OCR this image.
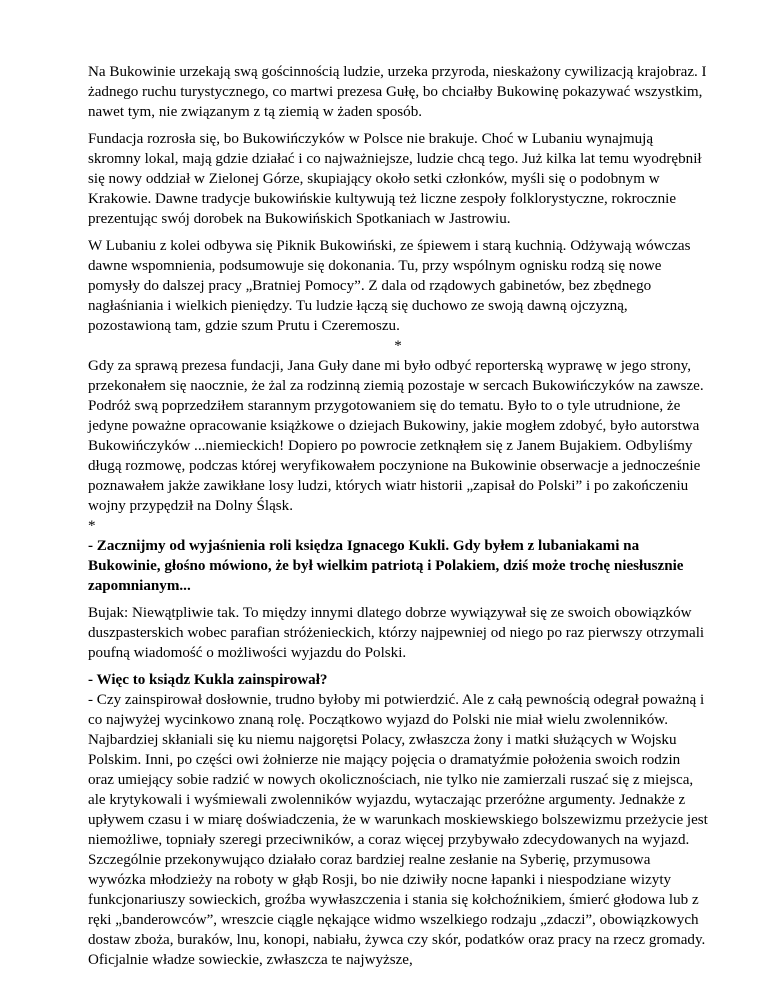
Na Bukowinie urzekają swą gościnnością ludzie, urzeka przyroda, nieskażony cywilizacją krajobraz. I żadnego ruchu turystycznego, co martwi prezesa Gułę, bo chciałby Bukowinę pokazywać wszystkim, nawet tym, nie związanym z tą ziemią w żaden sposób.

Fundacja rozrosła się, bo Bukowińczyków w Polsce nie brakuje. Choć w Lubaniu wynajmują skromny lokal, mają gdzie działać i co najważniejsze, ludzie chcą tego. Już kilka lat temu wyodrębnił się nowy oddział w Zielonej Górze, skupiający około setki członków, myśli się o podobnym w Krakowie. Dawne tradycje bukowińskie kultywują też liczne zespoły folklorystyczne, rokrocznie prezentując swój dorobek na Bukowińskich Spotkaniach w Jastrowiu.

W Lubaniu z kolei odbywa się Piknik Bukowiński, ze śpiewem i starą kuchnią. Odżywają wówczas dawne wspomnienia, podsumowuje się dokonania. Tu, przy wspólnym ognisku rodzą się nowe pomysły do dalszej pracy „Bratniej Pomocy”. Z dala od rządowych gabinetów, bez zbędnego nagłaśniania i wielkich pieniędzy. Tu ludzie łączą się duchowo ze swoją dawną ojczyzną, pozostawioną tam, gdzie szum Prutu i Czeremoszu.

*

Gdy za sprawą prezesa fundacji, Jana Guły dane mi było odbyć reporterską wyprawę w jego strony, przekonałem się naocznie, że żal za rodzinną ziemią pozostaje w sercach Bukowińczyków na zawsze. Podróż swą poprzedziłem starannym przygotowaniem się do tematu. Było to o tyle utrudnione, że jedyne poważne opracowanie książkowe o dziejach Bukowiny, jakie mogłem zdobyć, było autorstwa Bukowińczyków ...niemieckich! Dopiero po powrocie zetknąłem się z Janem Bujakiem. Odbyliśmy długą rozmowę, podczas której weryfikowałem poczynione na Bukowinie obserwacje a jednocześnie poznawałem jakże zawikłane losy ludzi, których wiatr historii „zapisał do Polski” i po zakończeniu wojny przypędził na Dolny Śląsk.

*

- Zacznijmy od wyjaśnienia roli księdza Ignacego Kukli. Gdy byłem z lubaniakami na Bukowinie, głośno mówiono, że był wielkim patriotą i Polakiem, dziś może trochę niesłusznie zapomnianym...

Bujak: Niewątpliwie tak. To między innymi dlatego dobrze wywiązywał się ze swoich obowiązków duszpasterskich wobec parafian stróżenieckich, którzy najpewniej od niego po raz pierwszy otrzymali poufną wiadomość o możliwości wyjazdu do Polski.

- Więc to ksiądz Kukla zainspirował?

- Czy zainspirował dosłownie, trudno byłoby mi potwierdzić. Ale z całą pewnością odegrał poważną i co najwyżej wycinkowo znaną rolę. Początkowo wyjazd do Polski nie miał wielu zwolenników. Najbardziej skłaniali się ku niemu najgorętsi Polacy, zwłaszcza żony i matki służących w Wojsku Polskim. Inni, po części owi żołnierze nie mający pojęcia o dramatyźmie położenia swoich rodzin oraz umiejący sobie radzić w nowych okolicznościach, nie tylko nie zamierzali ruszać się z miejsca, ale krytykowali i wyśmiewali zwolenników wyjazdu, wytaczając przeróżne argumenty. Jednakże z upływem czasu i w miarę doświadczenia, że w warunkach moskiewskiego bolszewizmu przeżycie jest niemożliwe, topniały szeregi przeciwników, a coraz więcej przybywało zdecydowanych na wyjazd. Szczególnie przekonywująco działało coraz bardziej realne zesłanie na Syberię, przymusowa wywózka młodzieży na roboty w głąb Rosji, bo nie dziwiły nocne łapanki i niespodziane wizyty funkcjonariuszy sowieckich, groźba wywłaszczenia i stania się kołchoźnikiem, śmierć głodowa lub z ręki „banderowców”, wreszcie ciągle nękające widmo wszelkiego rodzaju „zdaczi”, obowiązkowych dostaw zboża, buraków, lnu, konopi, nabiału, żywca czy skór, podatków oraz pracy na rzecz gromady. Oficjalnie władze sowieckie, zwłaszcza te najwyższe,
